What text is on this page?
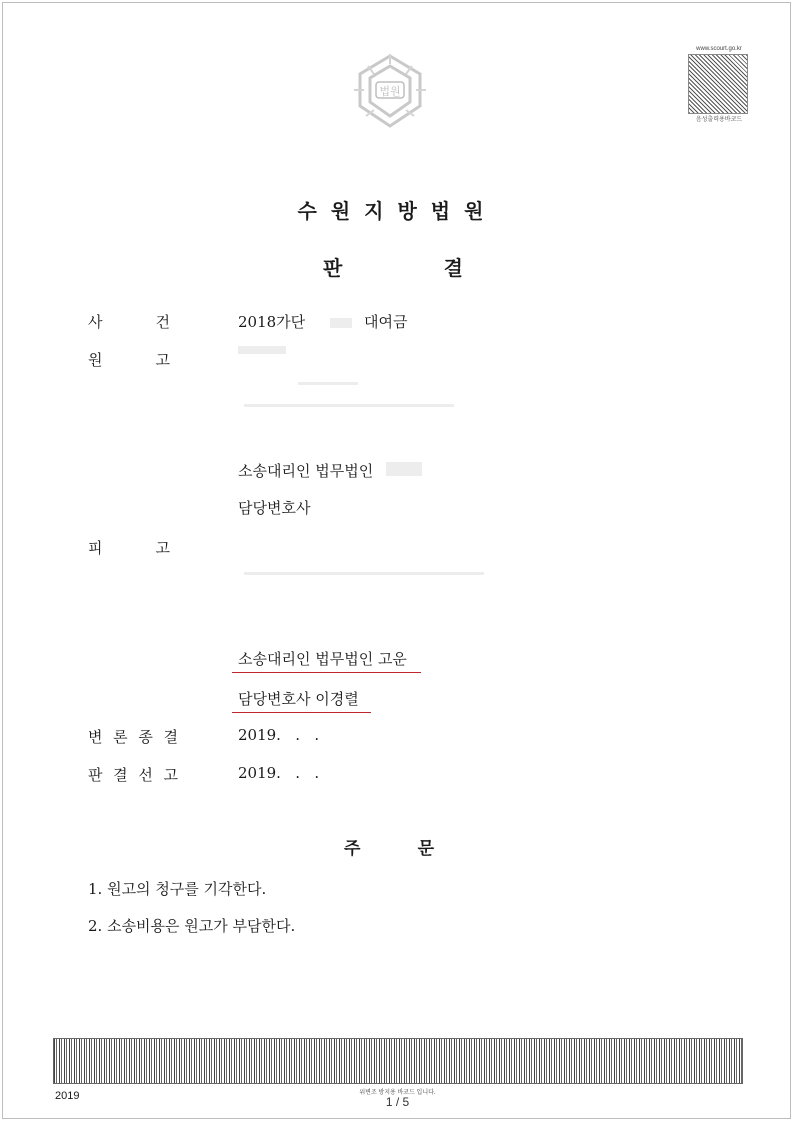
법원
www.scourt.go.kr
음성출력용바코드
수원지방법원
판	결
사	건	2018가단	대여금
원	고
소송대리인 법무법인
담당변호사
피	고
소송대리인 법무법인 고운
담당변호사 이경렬
변 론 종 결	2019.   .   .
판 결 선 고	2019.   .   .
주	문
1. 원고의 청구를 기각한다.
2. 소송비용은 원고가 부담한다.
2019	위변조 방지용 바코드 입니다.
1 / 5
